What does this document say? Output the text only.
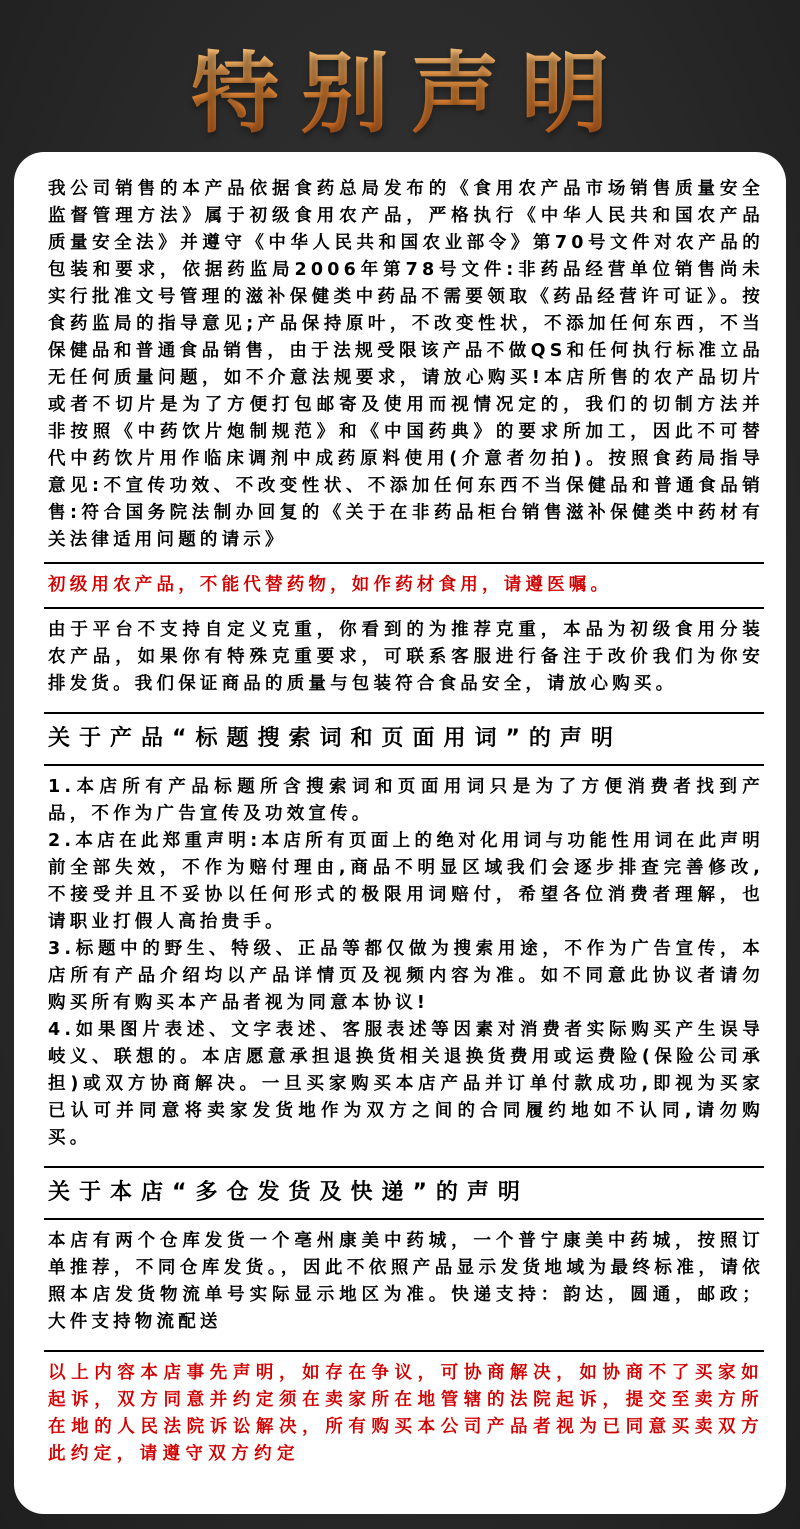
特别声明

我公司销售的本产品依据食药总局发布的《食用农产品市场销售质量安全监督管理方法》属于初级食用农产品，严格执行《中华人民共和国农产品质量安全法》并遵守《中华人民共和国农业部令》第70号文件对农产品的包装和要求，依据药监局2006年第78号文件:非药品经营单位销售尚未实行批准文号管理的滋补保健类中药品不需要领取《药品经营许可证》。按食药监局的指导意见;产品保持原叶，不改变性状，不添加任何东西，不当保健品和普通食品销售，由于法规受限该产品不做QS和任何执行标准立品无任何质量问题，如不介意法规要求，请放心购买!本店所售的农产品切片或者不切片是为了方便打包邮寄及使用而视情况定的，我们的切制方法并非按照《中药饮片炮制规范》和《中国药典》的要求所加工，因此不可替代中药饮片用作临床调剂中成药原料使用(介意者勿拍)。按照食药局指导意见:不宣传功效、不改变性状、不添加任何东西不当保健品和普通食品销售:符合国务院法制办回复的《关于在非药品柜台销售滋补保健类中药材有关法律适用问题的请示》

初级用农产品，不能代替药物，如作药材食用，请遵医嘱。

由于平台不支持自定义克重，你看到的为推荐克重，本品为初级食用分装农产品，如果你有特殊克重要求，可联系客服进行备注于改价我们为你安排发货。我们保证商品的质量与包装符合食品安全，请放心购买。

关于产品“标题搜索词和页面用词”的声明

1.本店所有产品标题所含搜索词和页面用词只是为了方便消费者找到产品，不作为广告宣传及功效宣传。

2.本店在此郑重声明:本店所有页面上的绝对化用词与功能性用词在此声明前全部失效，不作为赔付理由,商品不明显区域我们会逐步排查完善修改,不接受并且不妥协以任何形式的极限用词赔付，希望各位消费者理解，也请职业打假人高抬贵手。

3.标题中的野生、特级、正品等都仅做为搜索用途，不作为广告宣传，本店所有产品介绍均以产品详情页及视频内容为准。如不同意此协议者请勿购买所有购买本产品者视为同意本协议!

4.如果图片表述、文字表述、客服表述等因素对消费者实际购买产生误导岐义、联想的。本店愿意承担退换货相关退换货费用或运费险(保险公司承担)或双方协商解决。一旦买家购买本店产品并订单付款成功,即视为买家已认可并同意将卖家发货地作为双方之间的合同履约地如不认同,请勿购买。

关于本店“多仓发货及快递”的声明

本店有两个仓库发货一个亳州康美中药城，一个普宁康美中药城，按照订单推荐，不同仓库发货。，因此不依照产品显示发货地域为最终标准，请依照本店发货物流单号实际显示地区为准。快递支持：韵达，圆通，邮政；大件支持物流配送

以上内容本店事先声明，如存在争议，可协商解决，如协商不了买家如起诉，双方同意并约定须在卖家所在地管辖的法院起诉，提交至卖方所在地的人民法院诉讼解决，所有购买本公司产品者视为已同意买卖双方此约定，请遵守双方约定
